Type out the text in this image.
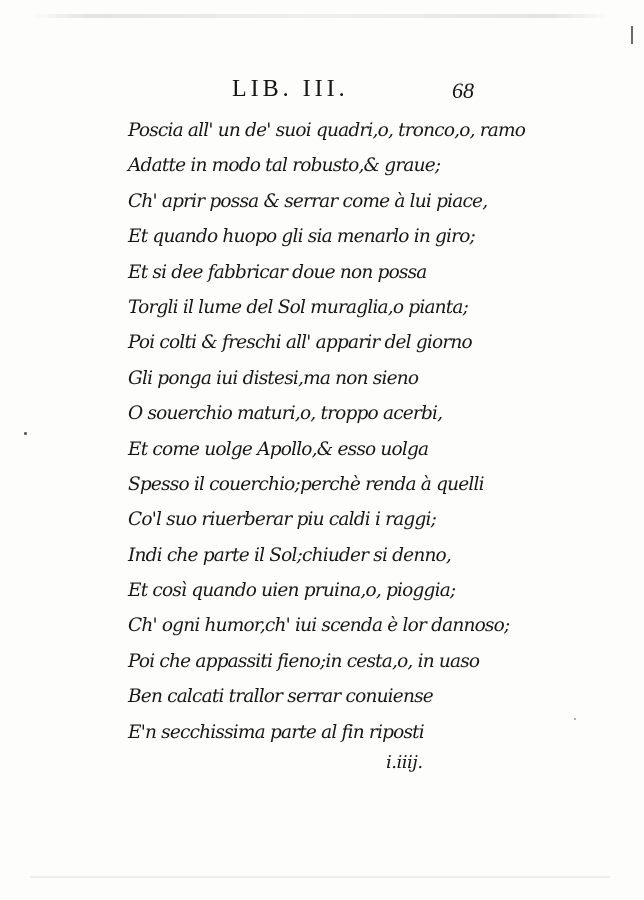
LIB. III.	68
Poscia all' un de' suoi quadri,o, tronco,o, ramo
Adatte in modo tal robusto,& graue;
Ch' aprir possa & serrar come à lui piace,
Et quando huopo gli sia menarlo in giro;
Et si dee fabbricar doue non possa
Torgli il lume del Sol muraglia,o pianta;
Poi colti & freschi all' apparir del giorno
Gli ponga iui distesi,ma non sieno
O souerchio maturi,o, troppo acerbi,
Et come uolge Apollo,& esso uolga
Spesso il couerchio;perchè renda à quelli
Co'l suo riuerberar piu caldi i raggi;
Indi che parte il Sol;chiuder si denno,
Et così quando uien pruina,o, pioggia;
Ch' ogni humor,ch' iui scenda è lor dannoso;
Poi che appassiti fieno;in cesta,o, in uaso
Ben calcati trallor serrar conuiense
E'n secchissima parte al fin riposti
i.iiij.
